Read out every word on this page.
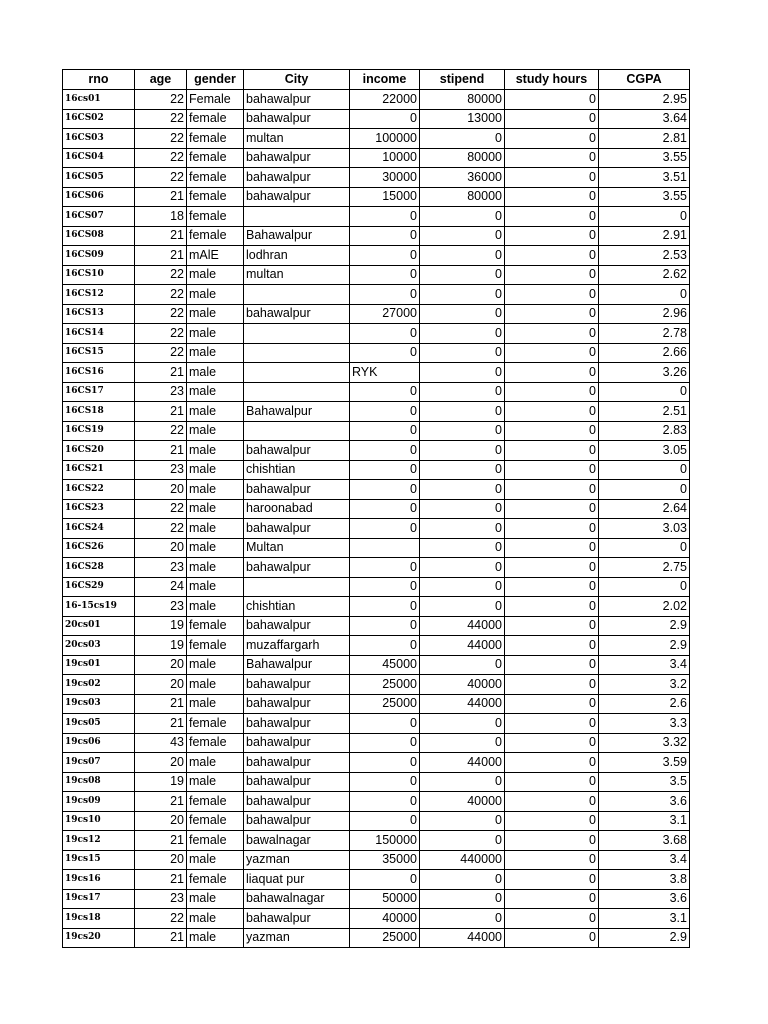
rno	age	gender	City	income	stipend	study hours	CGPA
16cs01	22	Female	bahawalpur	22000	80000	0	2.95
16CS02	22	female	bahawalpur	0	13000	0	3.64
16CS03	22	female	multan	100000	0	0	2.81
16CS04	22	female	bahawalpur	10000	80000	0	3.55
16CS05	22	female	bahawalpur	30000	36000	0	3.51
16CS06	21	female	bahawalpur	15000	80000	0	3.55
16CS07	18	female		0	0	0	0
16CS08	21	female	Bahawalpur	0	0	0	2.91
16CS09	21	mAlE	lodhran	0	0	0	2.53
16CS10	22	male	multan	0	0	0	2.62
16CS12	22	male		0	0	0	0
16CS13	22	male	bahawalpur	27000	0	0	2.96
16CS14	22	male		0	0	0	2.78
16CS15	22	male		0	0	0	2.66
16CS16	21	male		RYK	0	0	3.26
16CS17	23	male		0	0	0	0
16CS18	21	male	Bahawalpur	0	0	0	2.51
16CS19	22	male		0	0	0	2.83
16CS20	21	male	bahawalpur	0	0	0	3.05
16CS21	23	male	chishtian	0	0	0	0
16CS22	20	male	bahawalpur	0	0	0	0
16CS23	22	male	haroonabad	0	0	0	2.64
16CS24	22	male	bahawalpur	0	0	0	3.03
16CS26	20	male	Multan		0	0	0
16CS28	23	male	bahawalpur	0	0	0	2.75
16CS29	24	male		0	0	0	0
16-15cs19	23	male	chishtian	0	0	0	2.02
20cs01	19	female	bahawalpur	0	44000	0	2.9
20cs03	19	female	muzaffargarh	0	44000	0	2.9
19cs01	20	male	Bahawalpur	45000	0	0	3.4
19cs02	20	male	bahawalpur	25000	40000	0	3.2
19cs03	21	male	bahawalpur	25000	44000	0	2.6
19cs05	21	female	bahawalpur	0	0	0	3.3
19cs06	43	female	bahawalpur	0	0	0	3.32
19cs07	20	male	bahawalpur	0	44000	0	3.59
19cs08	19	male	bahawalpur	0	0	0	3.5
19cs09	21	female	bahawalpur	0	40000	0	3.6
19cs10	20	female	bahawalpur	0	0	0	3.1
19cs12	21	female	bawalnagar	150000	0	0	3.68
19cs15	20	male	yazman	35000	440000	0	3.4
19cs16	21	female	liaquat pur	0	0	0	3.8
19cs17	23	male	bahawalnagar	50000	0	0	3.6
19cs18	22	male	bahawalpur	40000	0	0	3.1
19cs20	21	male	yazman	25000	44000	0	2.9
